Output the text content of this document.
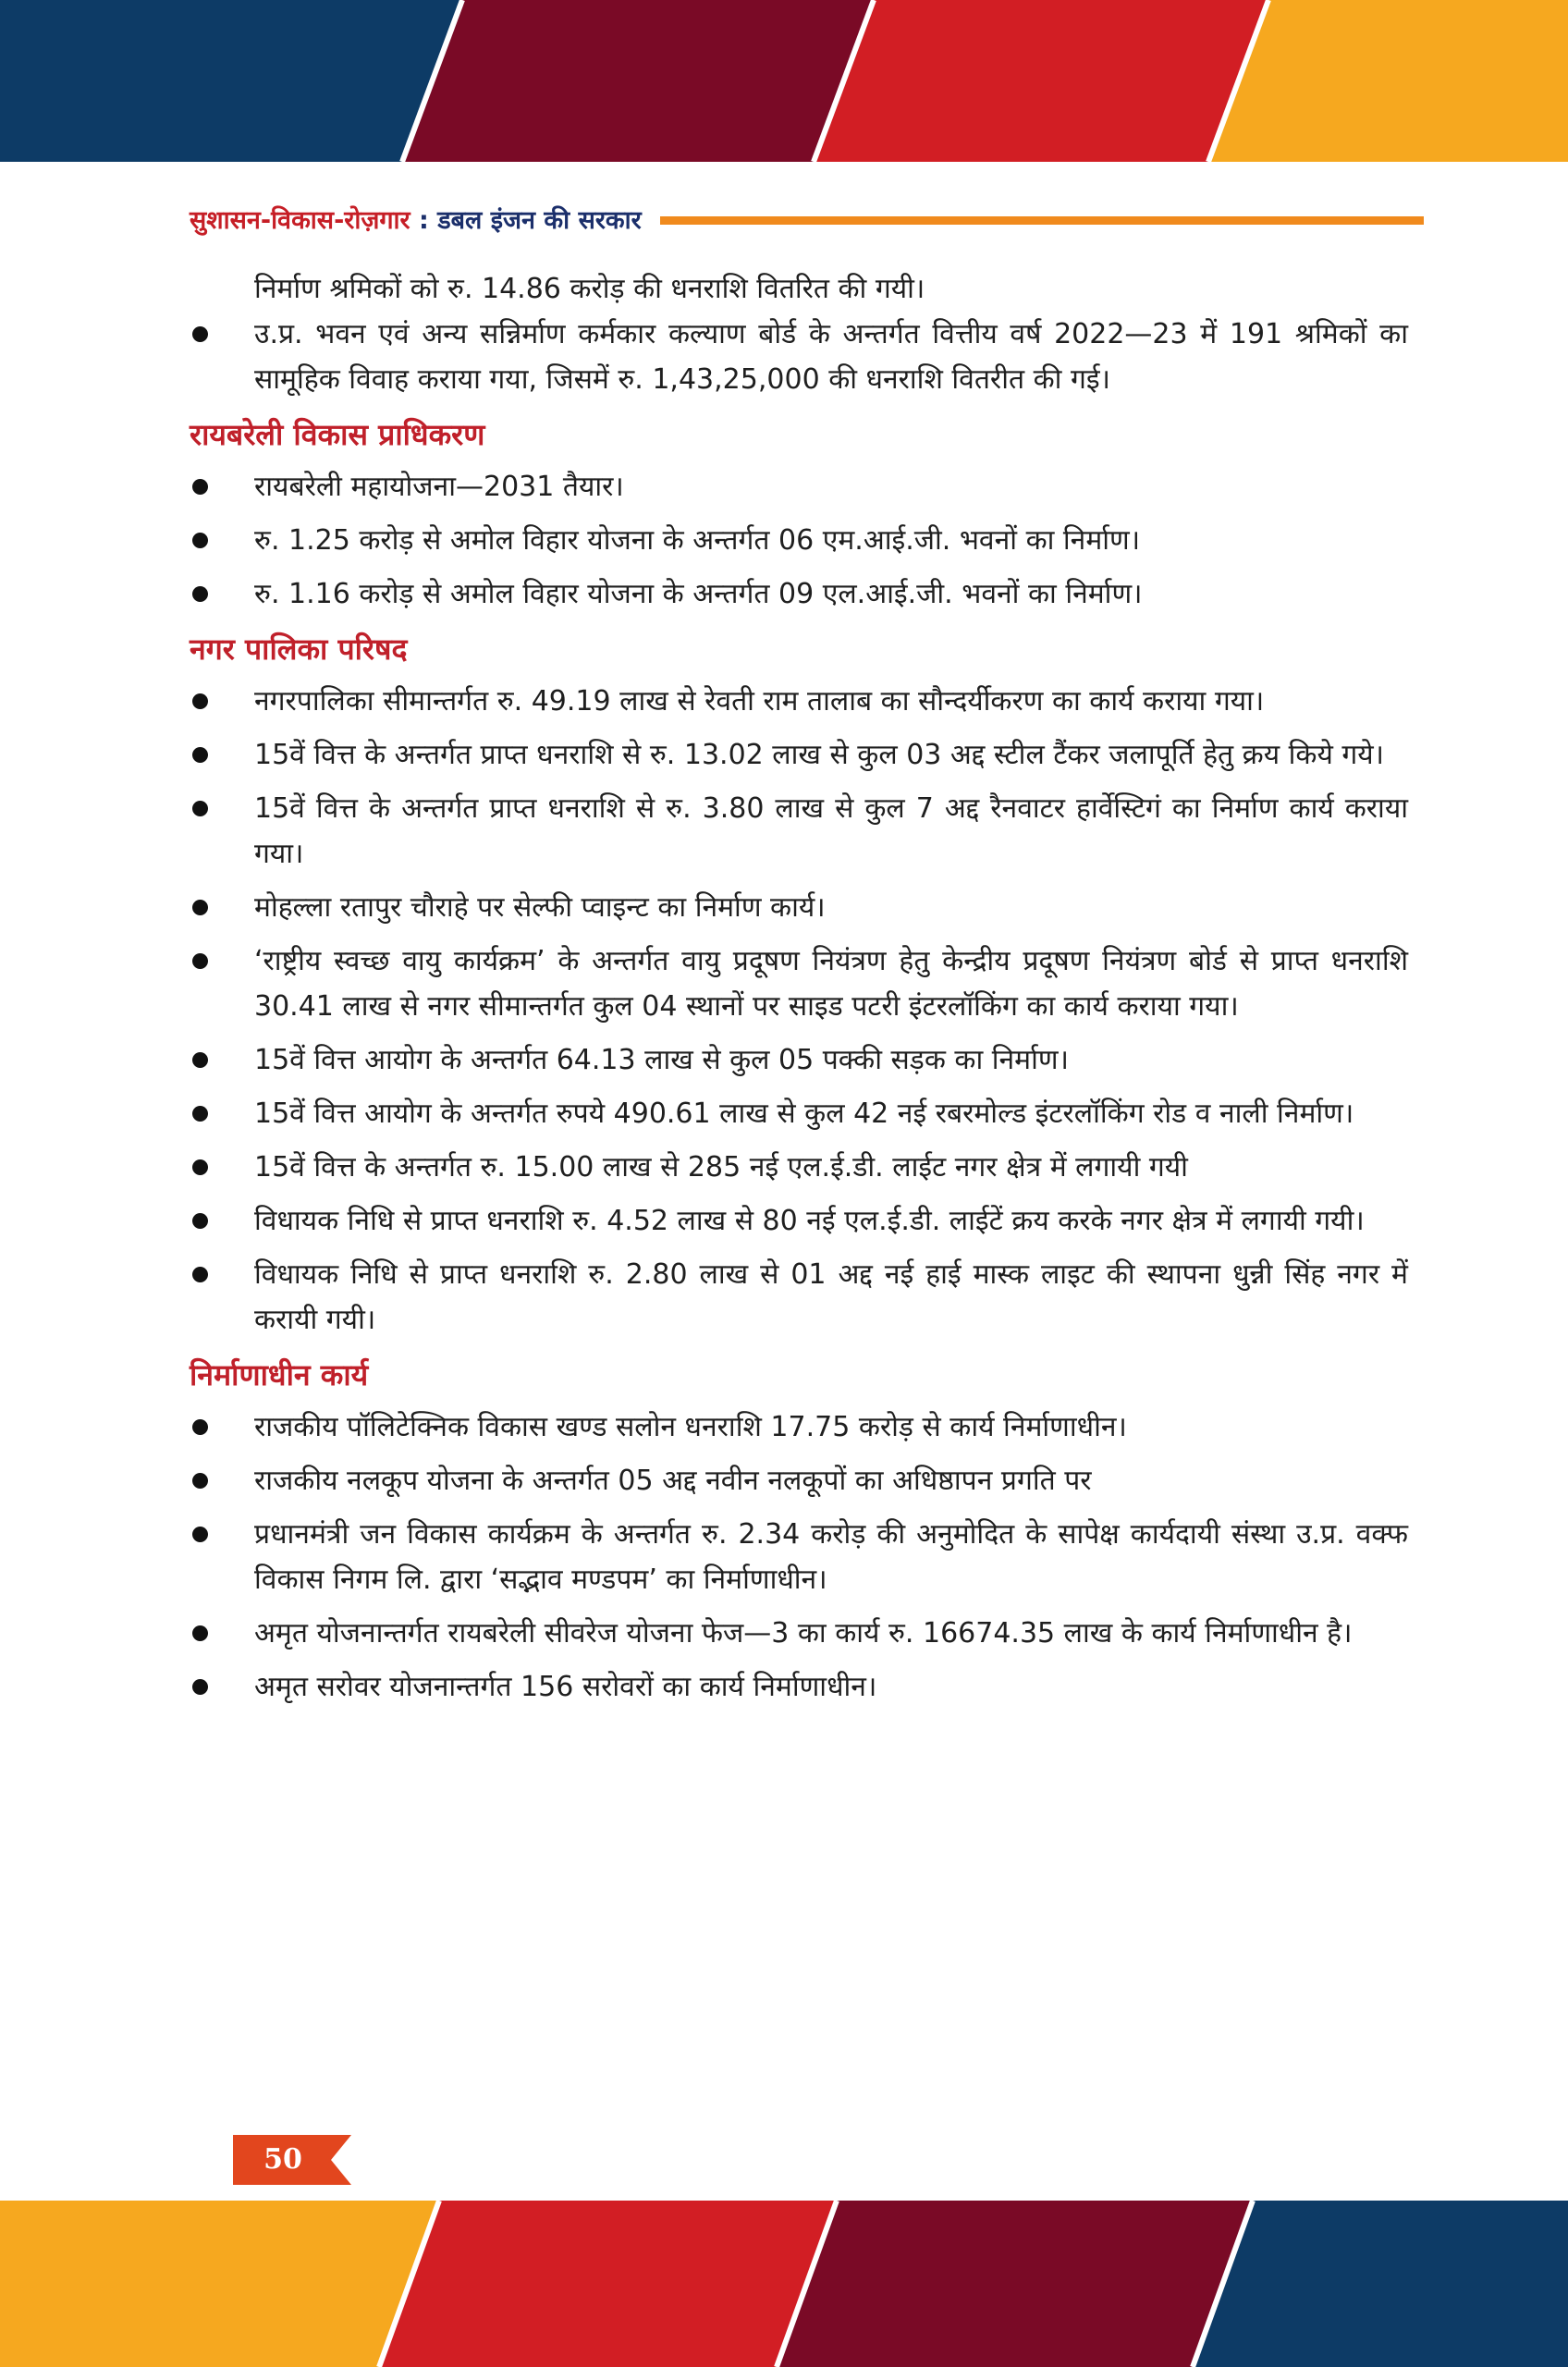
सुशासन-विकास-रोज़गार : डबल इंजन की सरकार

निर्माण श्रमिकों को रु. 14.86 करोड़ की धनराशि वितरित की गयी।

उ.प्र. भवन एवं अन्य सन्निर्माण कर्मकार कल्याण बोर्ड के अन्तर्गत वित्तीय वर्ष 2022—23 में 191 श्रमिकों का सामूहिक विवाह कराया गया, जिसमें रु. 1,43,25,000 की धनराशि वितरीत की गई।
रायबरेली विकास प्राधिकरण
रायबरेली महायोजना—2031 तैयार।
रु. 1.25 करोड़ से अमोल विहार योजना के अन्तर्गत 06 एम.आई.जी. भवनों का निर्माण।
रु. 1.16 करोड़ से अमोल विहार योजना के अन्तर्गत 09 एल.आई.जी. भवनों का निर्माण।
नगर पालिका परिषद
नगरपालिका सीमान्तर्गत रु. 49.19 लाख से रेवती राम तालाब का सौन्दर्यीकरण का कार्य कराया गया।
15वें वित्त के अन्तर्गत प्राप्त धनराशि से रु. 13.02 लाख से कुल 03 अद्द स्टील टैंकर जलापूर्ति हेतु क्रय किये गये।
15वें वित्त के अन्तर्गत प्राप्त धनराशि से रु. 3.80 लाख से कुल 7 अद्द रैनवाटर हार्वेस्टिगं का निर्माण कार्य कराया गया।
मोहल्ला रतापुर चौराहे पर सेल्फी प्वाइन्ट का निर्माण कार्य।
‘राष्ट्रीय स्वच्छ वायु कार्यक्रम’ के अन्तर्गत वायु प्रदूषण नियंत्रण हेतु केन्द्रीय प्रदूषण नियंत्रण बोर्ड से प्राप्त धनराशि 30.41 लाख से नगर सीमान्तर्गत कुल 04 स्थानों पर साइड पटरी इंटरलॉकिंग का कार्य कराया गया।
15वें वित्त आयोग के अन्तर्गत 64.13 लाख से कुल 05 पक्की सड़क का निर्माण।
15वें वित्त आयोग के अन्तर्गत रुपये 490.61 लाख से कुल 42 नई रबरमोल्ड इंटरलॉकिंग रोड व नाली निर्माण।
15वें वित्त के अन्तर्गत रु. 15.00 लाख से 285 नई एल.ई.डी. लाईट नगर क्षेत्र में लगायी गयी
विधायक निधि से प्राप्त धनराशि रु. 4.52 लाख से 80 नई एल.ई.डी. लाईटें क्रय करके नगर क्षेत्र में लगायी गयी।
विधायक निधि से प्राप्त धनराशि रु. 2.80 लाख से 01 अद्द नई हाई मास्क लाइट की स्थापना धुन्नी सिंह नगर में करायी गयी।
निर्माणाधीन कार्य
राजकीय पॉलिटेक्निक विकास खण्ड सलोन धनराशि 17.75 करोड़ से कार्य निर्माणाधीन।
राजकीय नलकूप योजना के अन्तर्गत 05 अद्द नवीन नलकूपों का अधिष्ठापन प्रगति पर
प्रधानमंत्री जन विकास कार्यक्रम के अन्तर्गत रु. 2.34 करोड़ की अनुमोदित के सापेक्ष कार्यदायी संस्था उ.प्र. वक्फ विकास निगम लि. द्वारा ‘सद्भाव मण्डपम’ का निर्माणाधीन।
अमृत योजनान्तर्गत रायबरेली सीवरेज योजना फेज—3 का कार्य रु. 16674.35 लाख के कार्य निर्माणाधीन है।
अमृत सरोवर योजनान्तर्गत 156 सरोवरों का कार्य निर्माणाधीन।
50
